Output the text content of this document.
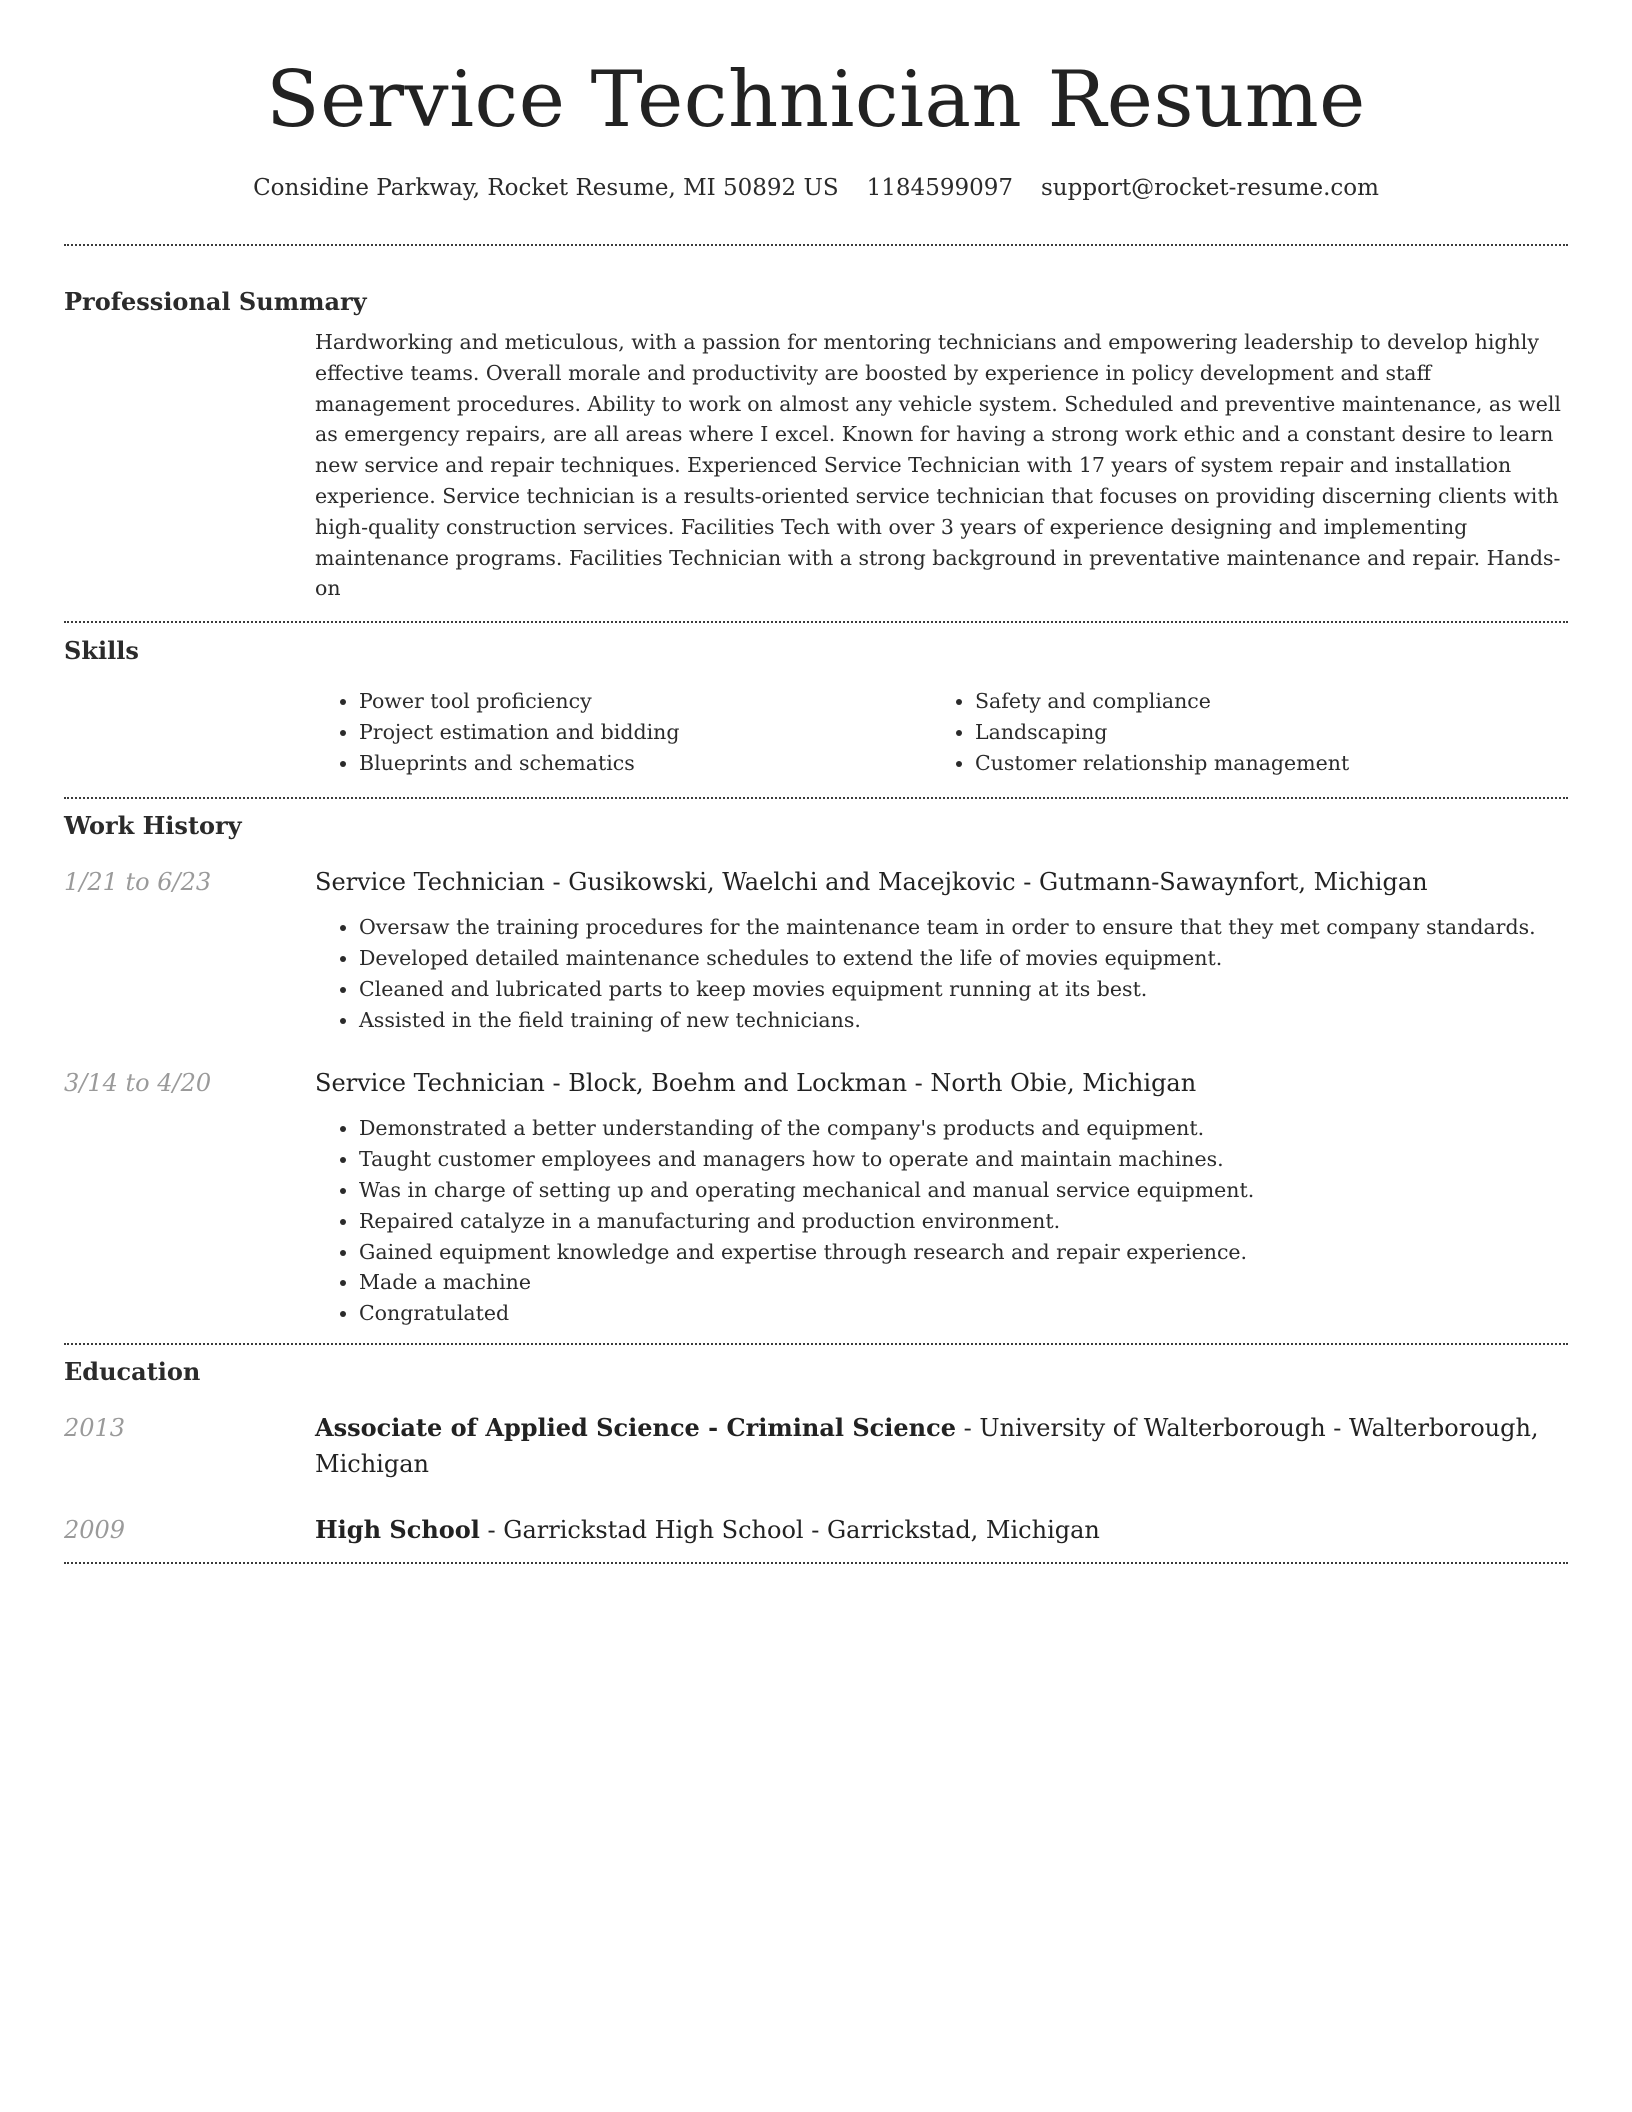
Service Technician Resume
Considine Parkway, Rocket Resume, MI 50892 US 1184599097 support@rocket-resume.com
Professional Summary
Hardworking and meticulous, with a passion for mentoring technicians and empowering leadership to develop highly effective teams. Overall morale and productivity are boosted by experience in policy development and staff management procedures. Ability to work on almost any vehicle system. Scheduled and preventive maintenance, as well as emergency repairs, are all areas where I excel. Known for having a strong work ethic and a constant desire to learn new service and repair techniques. Experienced Service Technician with 17 years of system repair and installation experience. Service technician is a results-oriented service technician that focuses on providing discerning clients with high-quality construction services. Facilities Tech with over 3 years of experience designing and implementing maintenance programs. Facilities Technician with a strong background in preventative maintenance and repair. Hands-on
Skills
• Power tool proficiency
• Project estimation and bidding
• Blueprints and schematics
• Safety and compliance
• Landscaping
• Customer relationship management
Work History
1/21 to 6/23	Service Technician - Gusikowski, Waelchi and Macejkovic - Gutmann-Sawaynfort, Michigan
• Oversaw the training procedures for the maintenance team in order to ensure that they met company standards.
• Developed detailed maintenance schedules to extend the life of movies equipment.
• Cleaned and lubricated parts to keep movies equipment running at its best.
• Assisted in the field training of new technicians.
3/14 to 4/20	Service Technician - Block, Boehm and Lockman - North Obie, Michigan
• Demonstrated a better understanding of the company's products and equipment.
• Taught customer employees and managers how to operate and maintain machines.
• Was in charge of setting up and operating mechanical and manual service equipment.
• Repaired catalyze in a manufacturing and production environment.
• Gained equipment knowledge and expertise through research and repair experience.
• Made a machine
• Congratulated
Education
2013	Associate of Applied Science - Criminal Science - University of Walterborough - Walterborough, Michigan
2009	High School - Garrickstad High School - Garrickstad, Michigan
